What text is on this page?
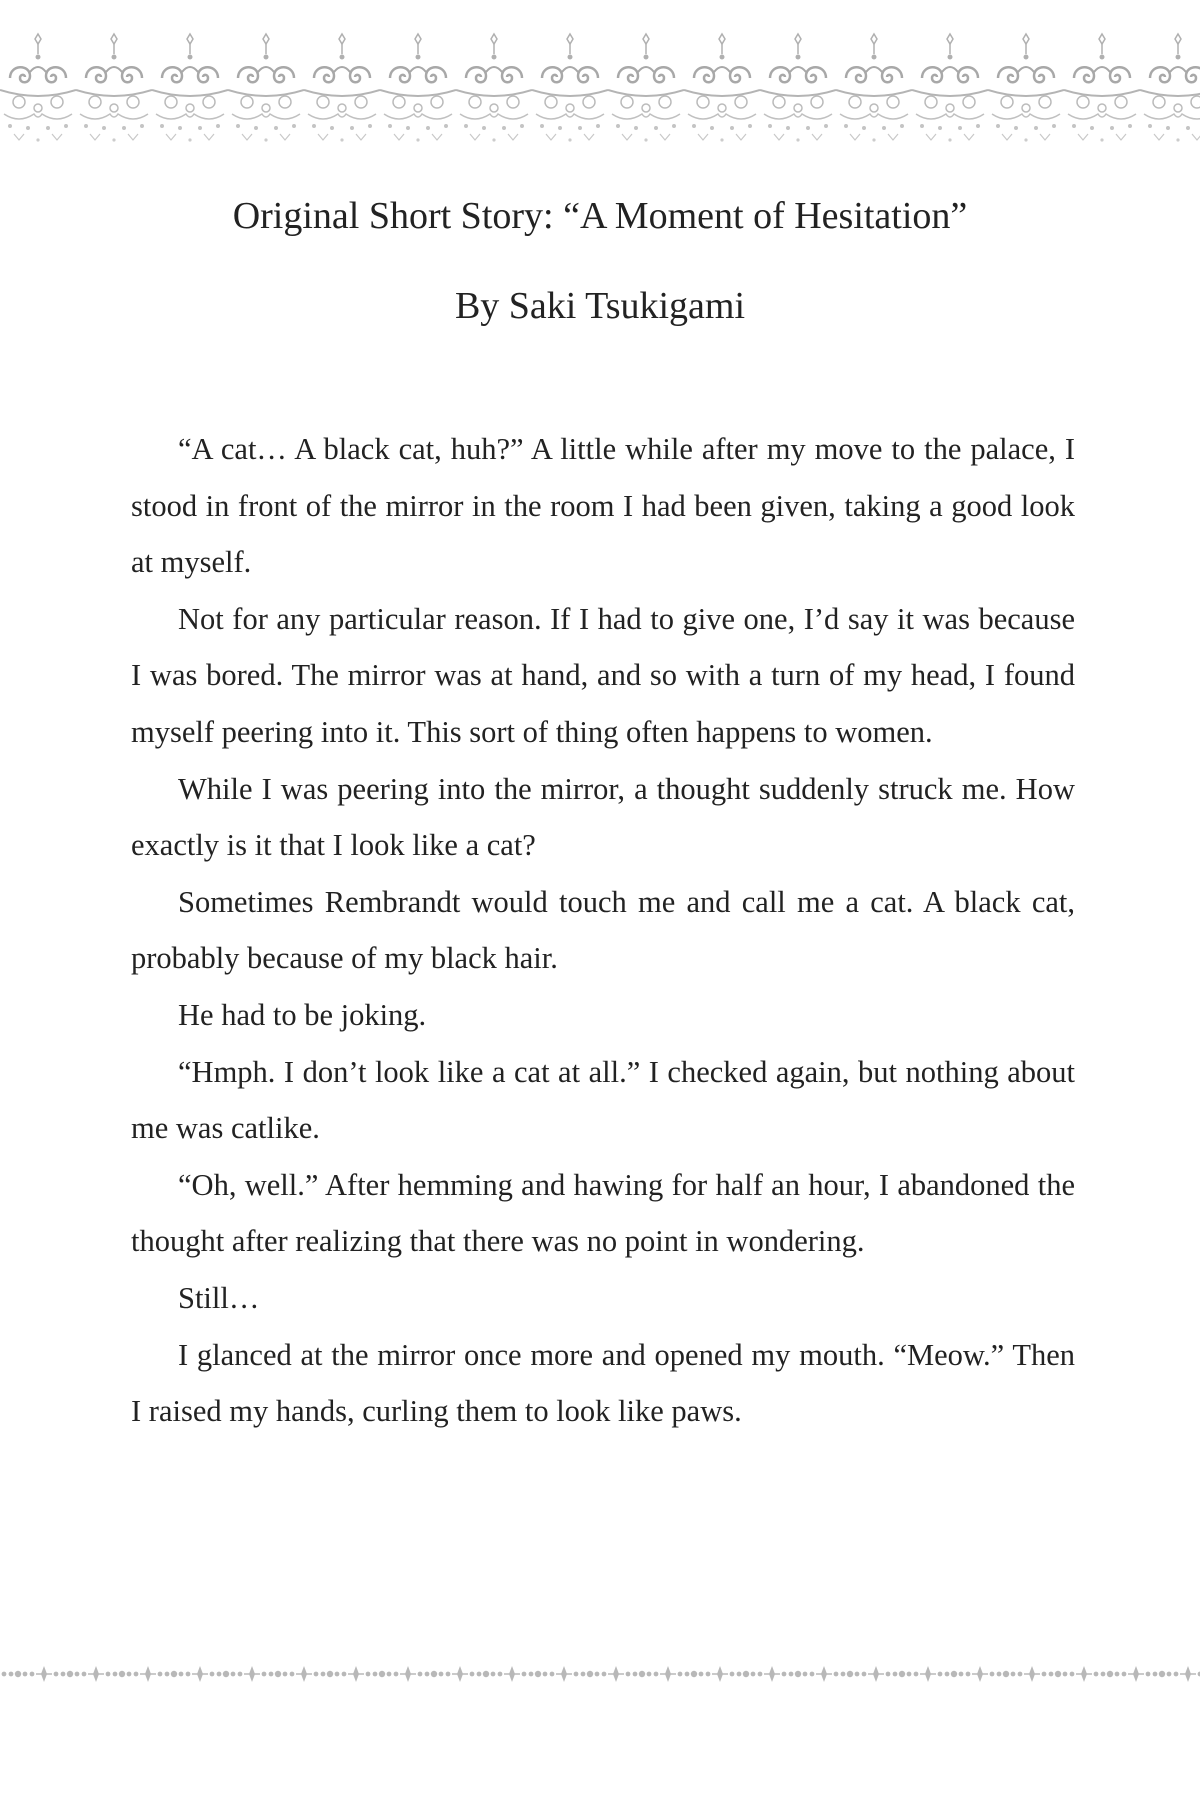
Original Short Story: “A Moment of Hesitation”
By Saki Tsukigami

“A cat… A black cat, huh?” A little while after my move to the palace, I stood in front of the mirror in the room I had been given, taking a good look at myself.

Not for any particular reason. If I had to give one, I’d say it was because I was bored. The mirror was at hand, and so with a turn of my head, I found myself peering into it. This sort of thing often happens to women.

While I was peering into the mirror, a thought suddenly struck me. How exactly is it that I look like a cat?

Sometimes Rembrandt would touch me and call me a cat. A black cat, probably because of my black hair.

He had to be joking.

“Hmph. I don’t look like a cat at all.” I checked again, but nothing about me was catlike.

“Oh, well.” After hemming and hawing for half an hour, I abandoned the thought after realizing that there was no point in wondering.

Still…

I glanced at the mirror once more and opened my mouth. “Meow.” Then I raised my hands, curling them to look like paws.
